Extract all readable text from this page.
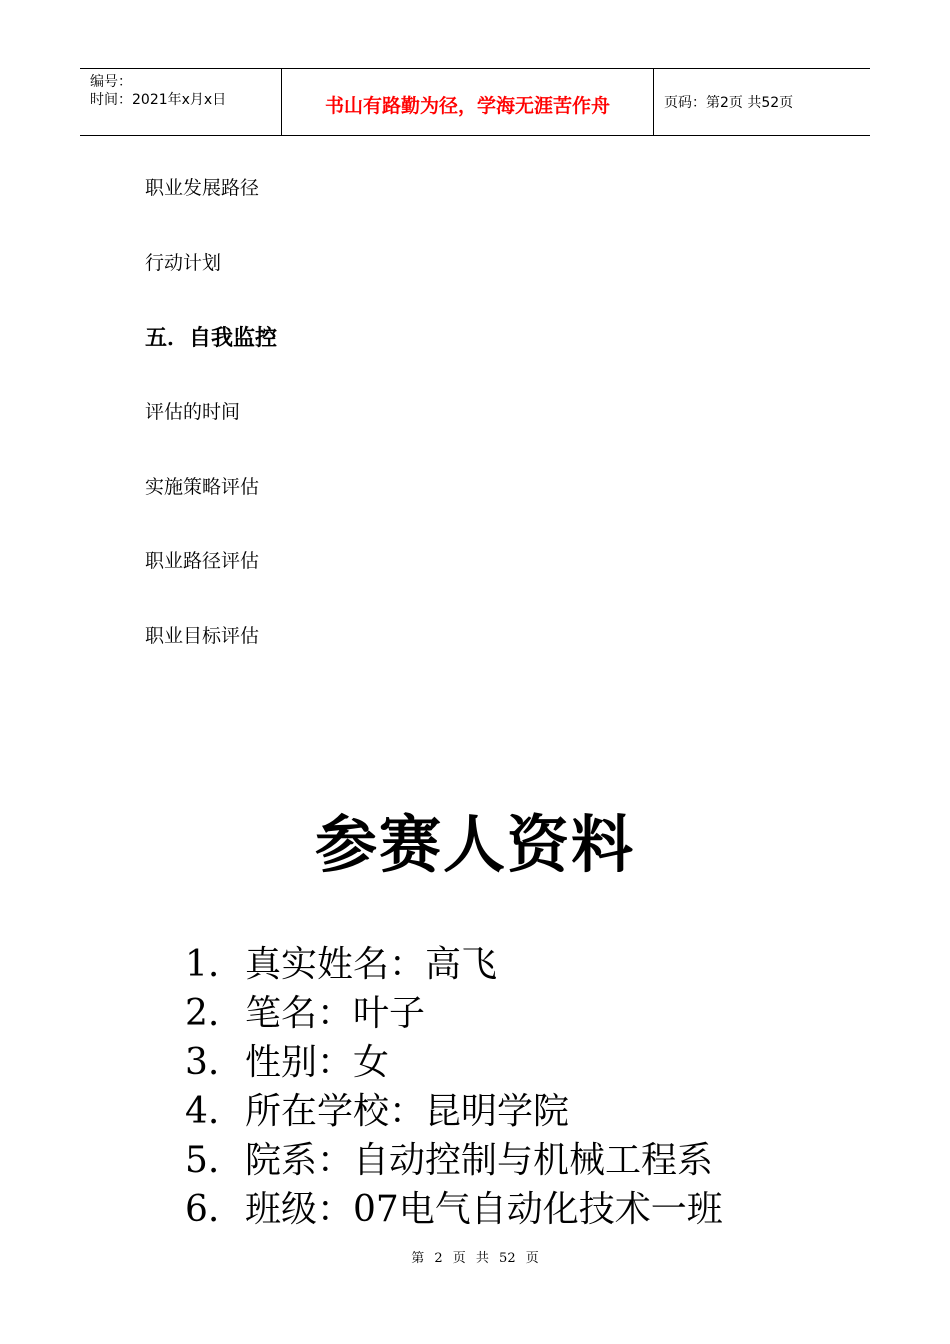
编号：
时间：2021年x月x日	书山有路勤为径，学海无涯苦作舟	页码：第2页 共52页
职业发展路径
行动计划
五．自我监控
评估的时间
实施策略评估
职业路径评估
职业目标评估
参赛人资料
1. 真实姓名：高飞
2. 笔名：叶子
3. 性别：女
4. 所在学校：昆明学院
5. 院系：自动控制与机械工程系
6. 班级：07电气自动化技术一班
第 2 页 共 52 页
